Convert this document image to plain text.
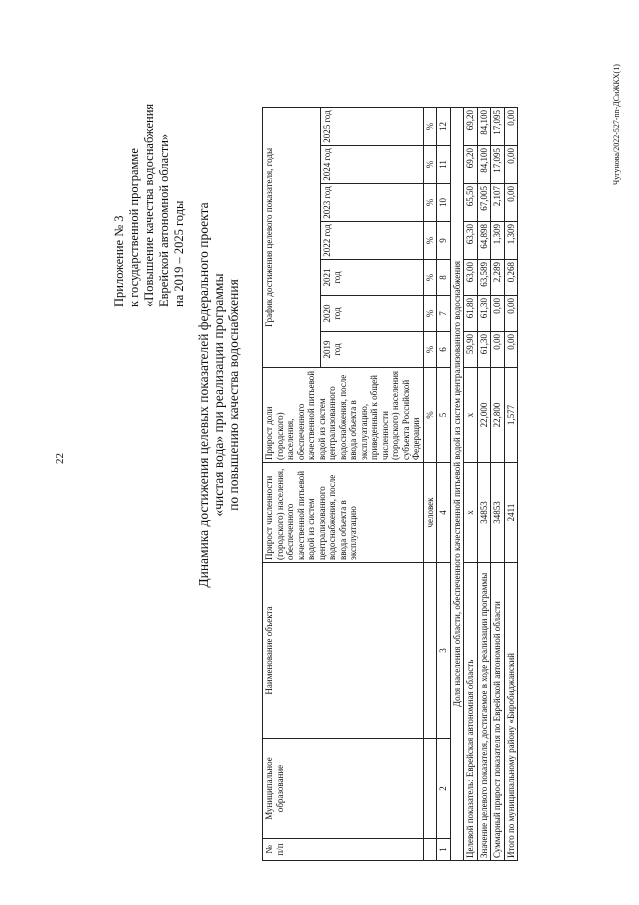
22
Приложение № 3 к государственной программе «Повышение качества водоснабжения Еврейской автономной области» на 2019 – 2025 годы Динамика достижения целевых показателей федерального проекта «чистая вода» при реализации программы по повышению качества водоснабжения
№ п/п	Муниципальное образование	Наименование объекта	Прирост численности (городского) населения, обеспеченного качественной питьевой водой из систем централизованного водоснабжения, после ввода объекта в эксплуатацию	Прирост доли (городского) населения, обеспеченного качественной питьевой водой из систем централизованного водоснабжения, после ввода объекта в эксплуатацию, приведенный к общей численности (городского) населения субъекта Российской Федерации	График достижения целевого показателя, годы						
					2019 год	2020 год	2021 год	2022 год	2023 год	2024 год	2025 год
			человек	%	%	%	%	%	%	%	%
1	2	3	4	5	6	7	8	9	10	11	12
Доля населения области, обеспеченного качественной питьевой водой из систем централизованного водоснабжения											
Целевой показатель: Еврейская автономная область			x	x	59,90	61,80	63,00	63,30	65,50	69,20	69,20
Значение целевого показателя, достигаемое в ходе реализации программы			34853	22,000	61,30	61,30	63,589	64,898	67,005	84,100	84,100
Суммарный прирост показателя по Еврейской автономной области			34853	22,800	0,00	0,00	2,289	1,309	2,107	17,095	17,095
Итого по муниципальному району «Биробиджанский			2411	1,577	0,00	0,00	0,268	1,309	0,00	0,00	0,00	Чугунова/2022-527-nn-ДСиЖКХ(1)
